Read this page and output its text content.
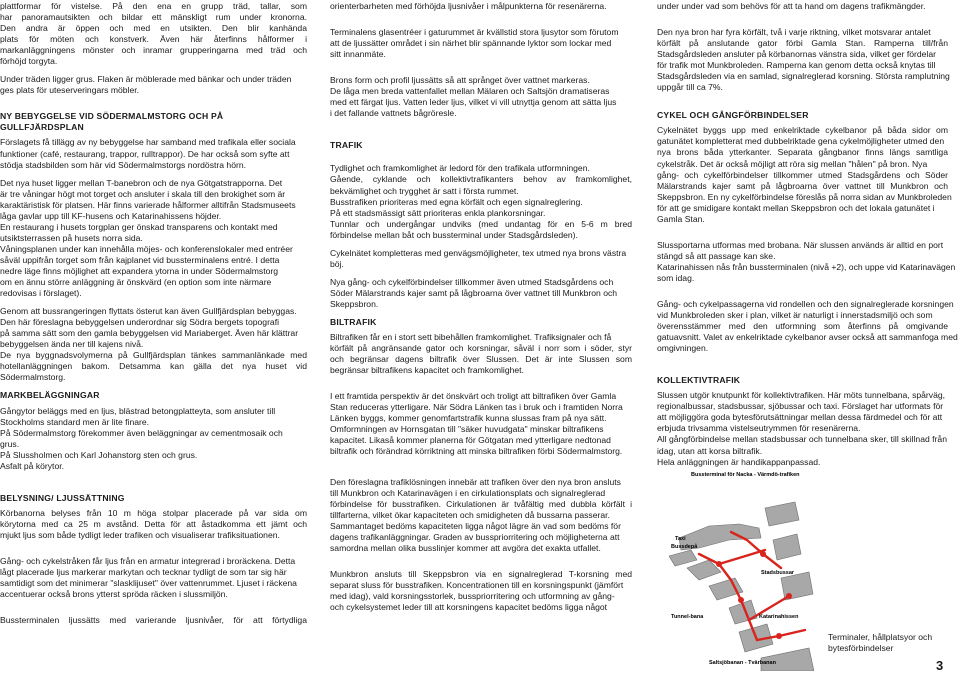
plattformar för vistelse. På den ena en grupp träd, tallar, som
har panoramautsikten och bildar ett mänskligt rum under kronorna.
Den andra är öppen och med en utsikten. Den blir kanhända
plats för möten och konstverk. Även här återfinns hålformer i
markanläggningens mönster och inramar grupperingarna med träd och
förhöjd torgyta.

Under träden ligger grus. Flaken är möblerade med bänkar och under träden
ges plats för uteserveringars möbler.

NY BEBYGGELSE VID SÖDERMALMSTORG OCH PÅ GULLFJÄRDSPLAN

Förslagets få tillägg av ny bebyggelse har samband med trafikala eller sociala
funktioner (café, restaurang, trappor, rulltrappor). De har också som syfte att
stödja stadsbilden som här vid Södermalmstorgs nordöstra hörn.

Det nya huset ligger mellan T-banebron och de nya Götgatstrapporna. Det
är tre våningar högt mot torget och ansluter i skala till den brokighet som är
karaktäristisk för platsen. Här finns varierade hålformer alltifrån Stadsmuseets
låga gavlar upp till KF-husens och Katarinahissens höjder.
En restaurang i husets torgplan ger önskad transparens och kontakt med
utsiktsterrassen på husets norra sida.
Våningsplanen under kan innehålla möjes- och konferenslokaler med entréer
såväl uppifrån torget som från kajplanet vid bussterminalens entré. I detta
nedre läge finns möjlighet att expandera ytorna in under Södermalmstorg
om en ännu större anläggning är önskvärd (en option som inte närmare
redovisas i förslaget).

Genom att bussrangeringen flyttats österut kan även Gullfjärdsplan bebyggas.
Den här föreslagna bebyggelsen underordnar sig Södra bergets topografi
på samma sätt som den gamla bebyggelsen vid Mariaberget. Även här klättrar
bebyggelsen ända ner till kajens nivå.
De nya byggnadsvolymerna på Gullfjärdsplan tänkes sammanlänkade med
hotellanläggningen bakom. Detsamma kan gälla det nya huset vid
Södermalmstorg.

MARKBELÄGGNINGAR

Gångytor beläggs med en ljus, blästrad betongplatteyta, som ansluter till
Stockholms standard men är lite finare.
På Södermalmstorg förekommer även beläggningar av cementmosaik och
grus.
På Slussholmen och Karl Johanstorg sten och grus.
Asfalt på körytor.

BELYSNING/ LJUSSÄTTNING

Körbanorna belyses från 10 m höga stolpar placerade på var sida om
körytorna med ca 25 m avstånd. Detta för att åstadkomma ett jämt och
mjukt ljus som både tydligt leder trafiken och visualiserar trafiksituationen.

Gång- och cykelstråken får ljus från en armatur integrerad i broräckena. Detta
lågt placerade ljus markerar markytan och tecknar tydligt de som tar sig här
samtidigt som det minimerar "slasklijuset" över vattenrummet. Ljuset i räckena
accentuerar också brons ytterst spröda räcken i slussmiljön.

Bussterminalen ljussätts med varierande ljusnivåer, för att förtydliga

orienterbarheten med förhöjda ljusnivåer i målpunkterna för resenärerna.

Terminalens glasentréer i gaturummet är kvällstid stora ljusytor som förutom
att de ljussätter området i sin närhet blir spännande lyktor som lockar med
sitt innanmäte.

Brons form och profil ljussätts så att språnget över vattnet markeras.
De låga men breda vattenfallet mellan Mälaren och Saltsjön dramatiseras
med ett färgat ljus. Vatten leder ljus, vilket vi vill utnyttja genom att sätta ljus
i det fallande vattnets bågröresle.

TRAFIK

Tydlighet och framkomlighet är ledord för den trafikala utformningen.
Gående, cyklande och kollektivtrafikanters behov av framkomlighet,
bekvämlighet och trygghet är satt i första rummet.
Busstrafiken prioriteras med egna körfält och egen signalreglering.
På ett stadsmässigt sätt prioriteras enkla plankorsningar.
Tunnlar och undergångar undviks (med undantag för en 5-6 m bred
förbindelse mellan båt och bussterminal under Stadsgårdsleden).

Cykelnätet kompletteras med genvägsmöjligheter, tex utmed nya brons västra
böj.

Nya gång- och cykelförbindelser tillkommer även utmed Stadsgårdens och
Söder Mälarstrands kajer samt på lågbroarna över vattnet till Munkbron och
Skeppsbron.

BILTRAFIK

Biltrafiken får en i stort sett bibehållen framkomlighet. Trafiksignaler och få
körfält på angränsande gator och korsningar, såväl i norr som i söder, styr
och begränsar dagens biltrafik över Slussen. Det är inte Slussen som
begränsar biltrafikens kapacitet och framkomlighet.

I ett framtida perspektiv är det önskvärt och troligt att biltrafiken över Gamla
Stan reduceras ytterligare. När Södra Länken tas i bruk och i framtiden Norra
Länken byggs, kommer genomfartstrafik kunna slussas fram på nya sätt.
Omformningen av Hornsgatan till "säker huvudgata" minskar biltrafikens
kapacitet. Likaså kommer planerna för Götgatan med ytterligare nedtonad
biltrafik och förändrad körriktning att minska biltrafiken förbi Södermalmstorg.

Den föreslagna trafiklösningen innebär att trafiken över den nya bron ansluts
till Munkbron och Katarinavägen i en cirkulationsplats och signalreglerad
förbindelse för busstrafiken. Cirkulationen är tvåfältig med dubbla körfält i
tillfarterna, vilket ökar kapaciteten och smidigheten då bussarna passerar.
Sammantaget bedöms kapaciteten ligga något lägre än vad som bedöms för
dagens trafikanläggningar. Graden av busspriorritering och möjligheterna att
samordna mellan olika busslinjer kommer att avgöra det exakta utfallet.

Munkbron ansluts till Skeppsbron via en signalreglerad T-korsning med
separat sluss för busstrafiken. Koncentrationen till en korsningspunkt (jämfört
med idag), vald korsningsstorlek, busspriorritering och utformning av gång-
och cykelsystemet leder till att korsningens kapacitet bedöms ligga något

under under vad som behövs för att ta hand om dagens trafikmängder.

Den nya bron har fyra körfält, två i varje riktning, vilket motsvarar antalet
körfält på anslutande gator förbi Gamla Stan. Ramperna till/från
Stadsgårdsleden ansluter på körbanornas vänstra sida, vilket ger fördelar
för trafik mot Munkbroleden. Ramperna kan genom detta också knytas till
Stadsgårdsleden via en samlad, signalreglerad korsning. Största ramplutning
uppgår till ca 7%.

CYKEL OCH GÅNGFÖRBINDELSER

Cykelnätet byggs upp med enkelriktade cykelbanor på båda sidor om
gatunätet kompletterat med dubbelriktade gena cykelmöjligheter utmed den
nya brons båda ytterkanter. Separata gångbanor finns längs samtliga
cykelstråk. Det är också möjligt att röra sig mellan "hålen" på bron. Nya
gång- och cykelförbindelser tillkommer utmed Stadsgårdens och Söder
Mälarstrands kajer samt på lågbroarna över vattnet till Munkbron och
Skeppsbron. En ny cykelförbindelse föreslås på norra sidan av Munkbroleden
för att ge smidigare kontakt mellan Skeppsbron och det lokala gatunätet i
Gamla Stan.

Slussportarna utformas med brobana. När slussen används är alltid en port
stängd så att passage kan ske.
Katarinahissen nås från bussterminalen (nivå +2), och uppe vid Katarinavägen
som idag.

Gång- och cykelpassagerna vid rondellen och den signalreglerade korsningen
vid Munkbroleden sker i plan, vilket är naturligt i innerstadsmiljö och som
överensstämmer med den utformning som återfinns på omgivande
gatuavsnitt. Valet av enkelriktade cykelbanor avser också att sammanfoga med
omgivningen.

KOLLEKTIVTRAFIK

Slussen utgör knutpunkt för kollektivtrafiken. Här möts tunnelbana, spårväg,
regionalbussar, stadsbussar, sjöbussar och taxi. Förslaget har utformats för
att möjliggöra goda bytesförutsättningar mellan dessa färdmedel och för att
erbjuda trivsamma vistelseutrymmen för resenärerna.
All gångförbindelse mellan stadsbussar och tunnelbana sker, till skillnad från
idag, utan att korsa biltrafik.
Hela anläggningen är handikappanpassad.

Bussterminal för Nacka - Värmdö-trafiken
Taxi
Bussdepå
Stadsbussar
Katarinahissen
Tunnel-bana
Saltsjöbanan - Tvärbanan
Terminaler, hållplatsyor och
bytesförbindelser
3
